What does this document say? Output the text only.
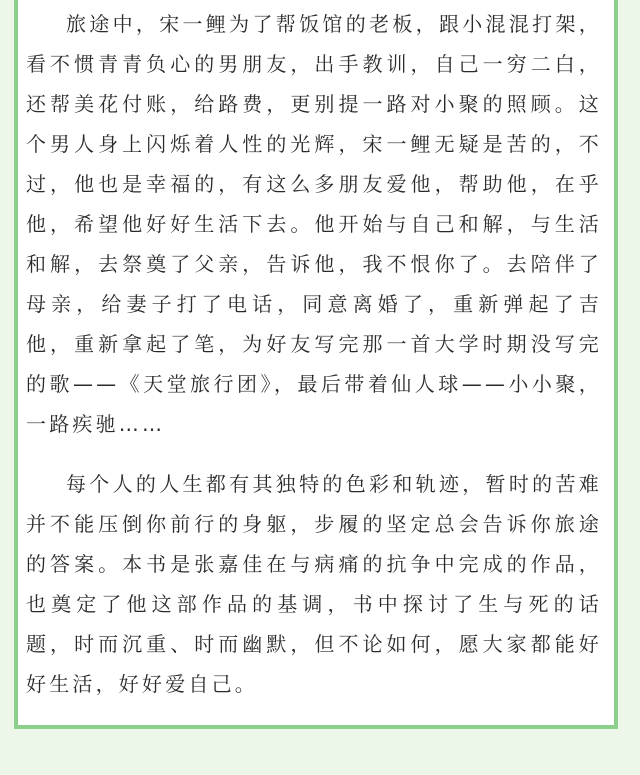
旅途中，宋一鲤为了帮饭馆的老板，跟小混混打架，看不惯青青负心的男朋友，出手教训，自己一穷二白，还帮美花付账，给路费，更别提一路对小聚的照顾。这个男人身上闪烁着人性的光辉，宋一鲤无疑是苦的，不过，他也是幸福的，有这么多朋友爱他，帮助他，在乎他，希望他好好生活下去。他开始与自己和解，与生活和解，去祭奠了父亲，告诉他，我不恨你了。去陪伴了母亲，给妻子打了电话，同意离婚了，重新弹起了吉他，重新拿起了笔，为好友写完那一首大学时期没写完的歌——《天堂旅行团》，最后带着仙人球——小小聚，一路疾驰……

每个人的人生都有其独特的色彩和轨迹，暂时的苦难并不能压倒你前行的身躯，步履的坚定总会告诉你旅途的答案。本书是张嘉佳在与病痛的抗争中完成的作品，也奠定了他这部作品的基调，书中探讨了生与死的话题，时而沉重、时而幽默，但不论如何，愿大家都能好好生活，好好爱自己。
